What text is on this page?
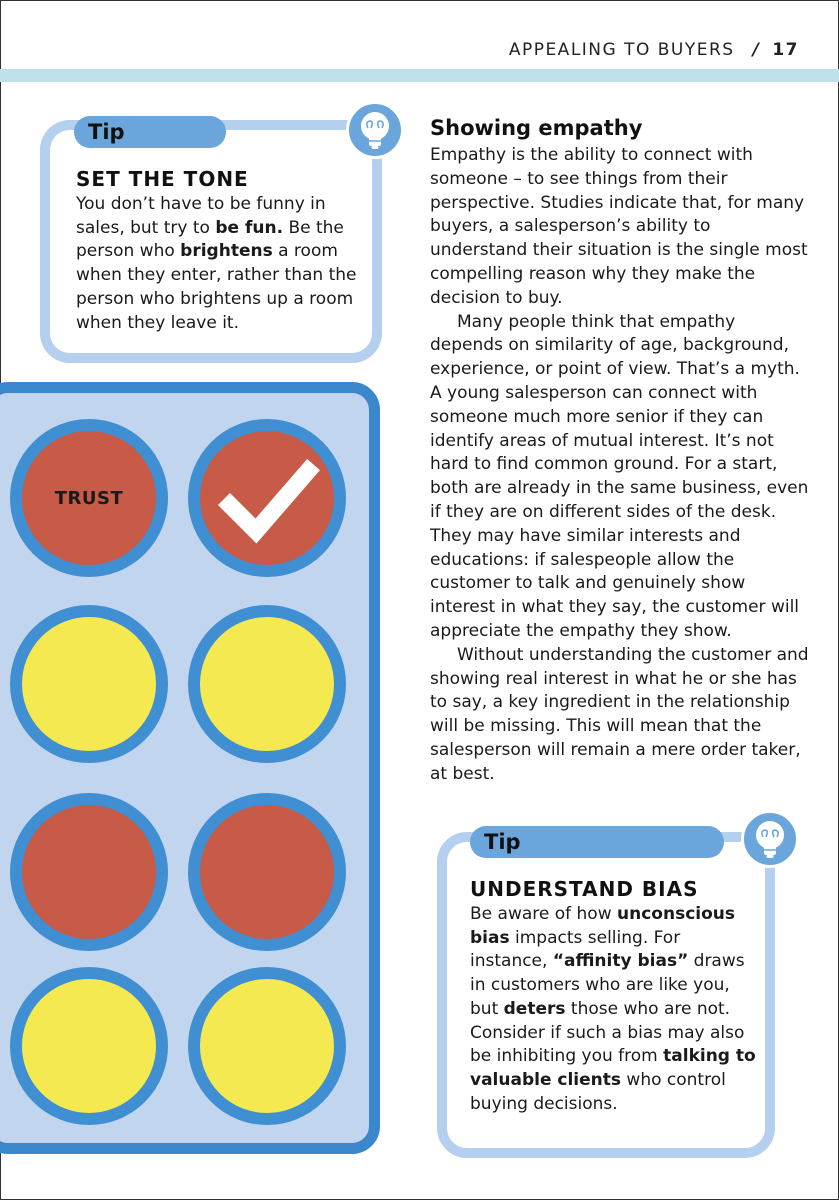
APPEALING TO BUYERS / 17
Tip
SET THE TONE
You don’t have to be funny in sales, but try to be fun. Be the person who brightens a room when they enter, rather than the person who brightens up a room when they leave it.
TRUST
Showing empathy

Empathy is the ability to connect with someone – to see things from their perspective. Studies indicate that, for many buyers, a salesperson’s ability to understand their situation is the single most compelling reason why they make the decision to buy.

Many people think that empathy depends on similarity of age, background, experience, or point of view. That’s a myth. A young salesperson can connect with someone much more senior if they can identify areas of mutual interest. It’s not hard to find common ground. For a start, both are already in the same business, even if they are on different sides of the desk. They may have similar interests and educations: if salespeople allow the customer to talk and genuinely show interest in what they say, the customer will appreciate the empathy they show.

Without understanding the customer and showing real interest in what he or she has to say, a key ingredient in the relationship will be missing. This will mean that the salesperson will remain a mere order taker, at best.

Tip
UNDERSTAND BIAS
Be aware of how unconscious bias impacts selling. For instance, “affinity bias” draws in customers who are like you, but deters those who are not. Consider if such a bias may also be inhibiting you from talking to valuable clients who control buying decisions.
